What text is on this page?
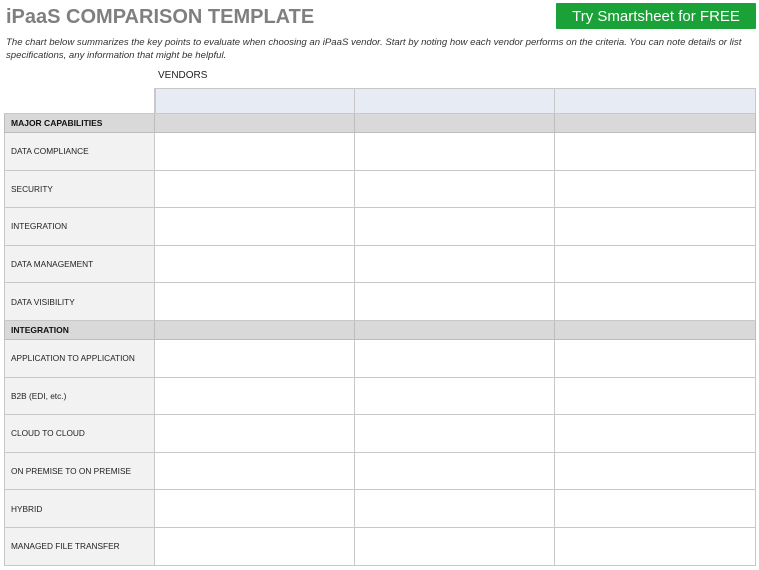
iPaaS COMPARISON TEMPLATE	Try Smartsheet for FREE
The chart below summarizes the key points to evaluate when choosing an iPaaS vendor. Start by noting how each vendor performs on the criteria. You can note details or list specifications, any information that might be helpful.
VENDORS
MAJOR CAPABILITIES
DATA COMPLIANCE
SECURITY
INTEGRATION
DATA MANAGEMENT
DATA VISIBILITY
INTEGRATION
APPLICATION TO APPLICATION
B2B (EDI, etc.)
CLOUD TO CLOUD
ON PREMISE TO ON PREMISE
HYBRID
MANAGED FILE TRANSFER
